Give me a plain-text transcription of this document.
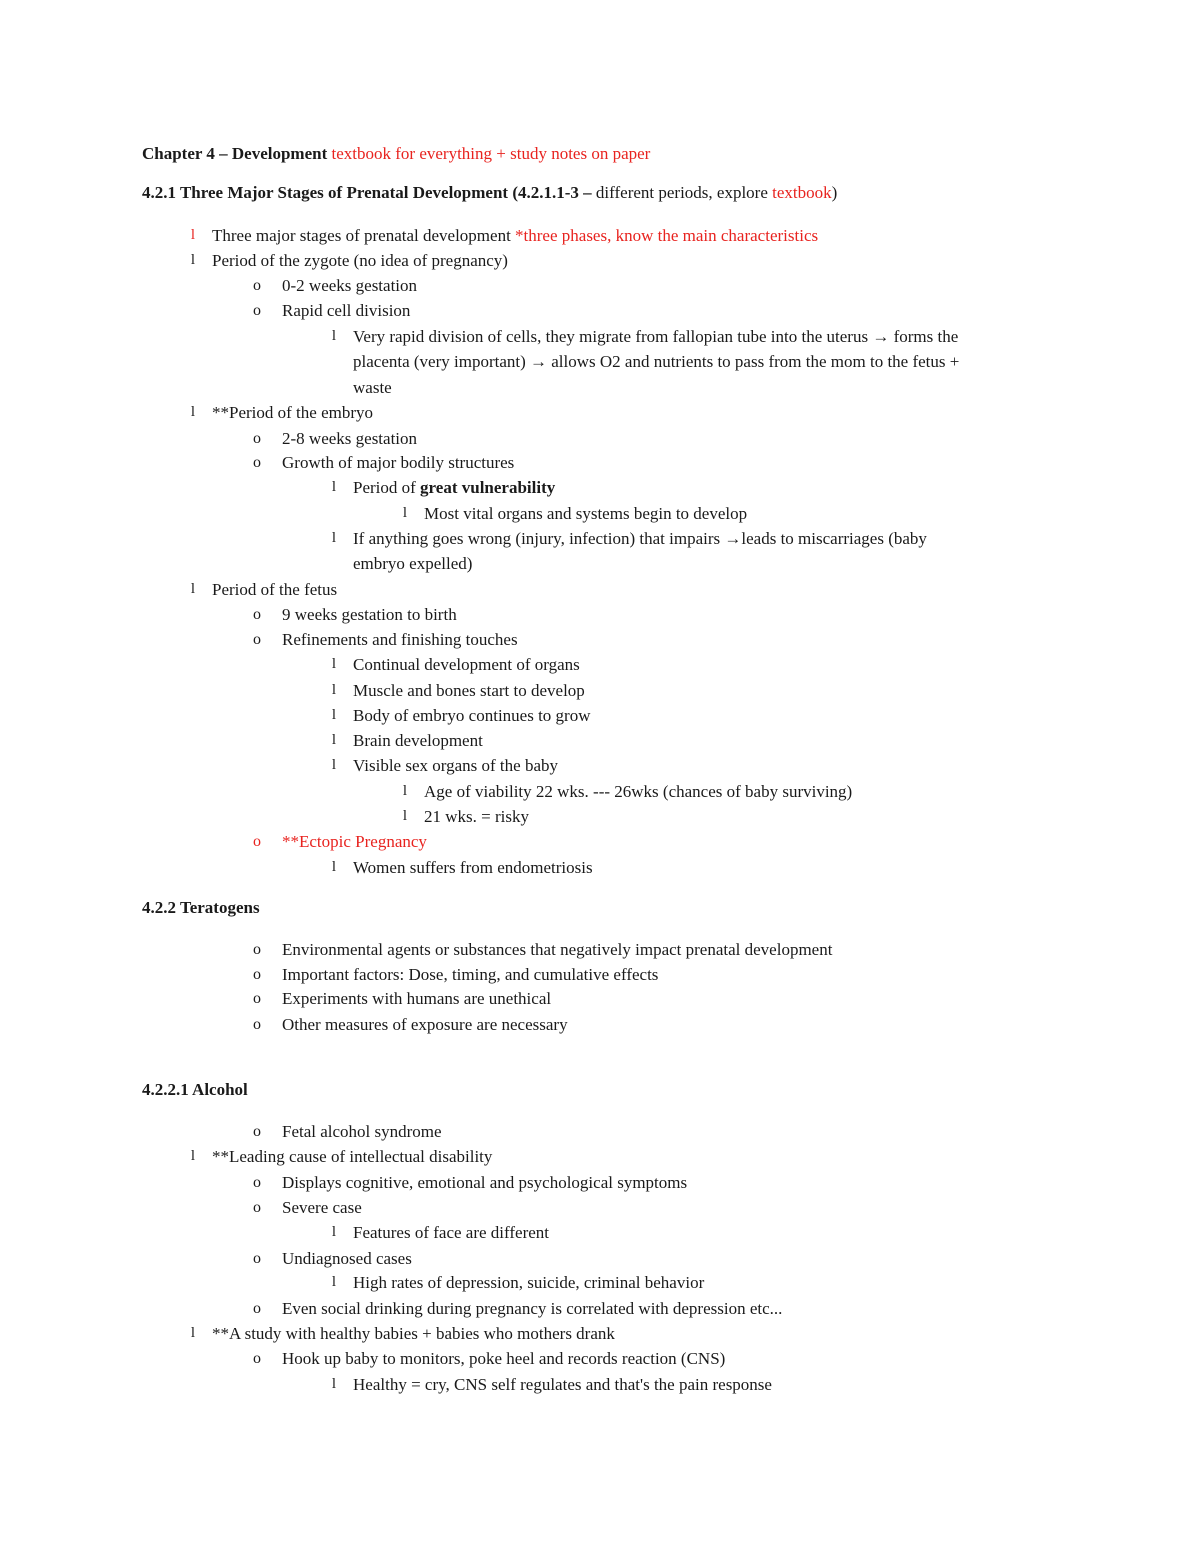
Chapter 4 – Development textbook for everything + study notes on paper
4.2.1 Three Major Stages of Prenatal Development (4.2.1.1-3 – different periods, explore textbook)
l Three major stages of prenatal development *three phases, know the main characteristics
l Period of the zygote (no idea of pregnancy)
o 0-2 weeks gestation
o Rapid cell division
l Very rapid division of cells, they migrate from fallopian tube into the uterus → forms the
placenta (very important) → allows O2 and nutrients to pass from the mom to the fetus +
waste
l **Period of the embryo
o 2-8 weeks gestation
o Growth of major bodily structures
l Period of great vulnerability
l Most vital organs and systems begin to develop
l If anything goes wrong (injury, infection) that impairs →leads to miscarriages (baby
embryo expelled)
l Period of the fetus
o 9 weeks gestation to birth
o Refinements and finishing touches
l Continual development of organs
l Muscle and bones start to develop
l Body of embryo continues to grow
l Brain development
l Visible sex organs of the baby
l Age of viability 22 wks. --- 26wks (chances of baby surviving)
l 21 wks. = risky
o **Ectopic Pregnancy
l Women suffers from endometriosis
4.2.2 Teratogens
o Environmental agents or substances that negatively impact prenatal development
o Important factors: Dose, timing, and cumulative effects
o Experiments with humans are unethical
o Other measures of exposure are necessary
4.2.2.1 Alcohol
o Fetal alcohol syndrome
l **Leading cause of intellectual disability
o Displays cognitive, emotional and psychological symptoms
o Severe case
l Features of face are different
o Undiagnosed cases
l High rates of depression, suicide, criminal behavior
o Even social drinking during pregnancy is correlated with depression etc...
l **A study with healthy babies + babies who mothers drank
o Hook up baby to monitors, poke heel and records reaction (CNS)
l Healthy = cry, CNS self regulates and that's the pain response
